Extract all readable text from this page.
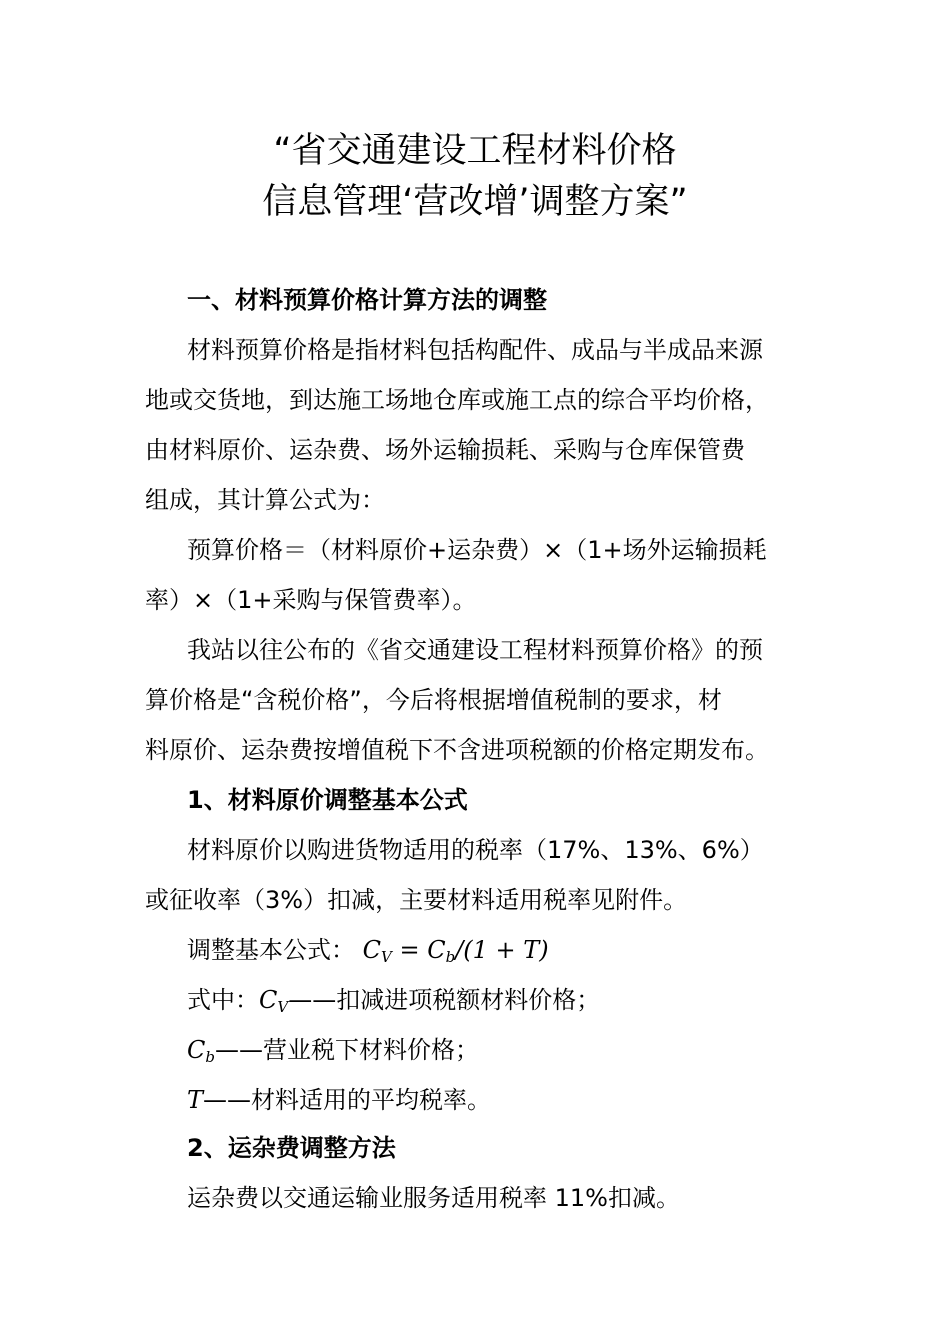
“省交通建设工程材料价格
信息管理‘营改增’调整方案”
一、材料预算价格计算方法的调整
材料预算价格是指材料包括构配件、成品与半成品来源
地或交货地，到达施工场地仓库或施工点的综合平均价格，
由材料原价、运杂费、场外运输损耗、采购与仓库保管费
组成，其计算公式为：
预算价格＝（材料原价+运杂费）×（1+场外运输损耗
率）×（1+采购与保管费率）。
我站以往公布的《省交通建设工程材料预算价格》的预
算价格是“含税价格”，今后将根据增值税制的要求，材
料原价、运杂费按增值税下不含进项税额的价格定期发布。
1、材料原价调整基本公式
材料原价以购进货物适用的税率（17%、13%、6%）
或征收率（3%）扣减，主要材料适用税率见附件。
调整基本公式： $C_V = C_b/(1 + T)$
式中：$C_V——$扣减进项税额材料价格；
$C_b——$营业税下材料价格；
T——材料适用的平均税率。
2、运杂费调整方法
运杂费以交通运输业服务适用税率 11%扣减。
